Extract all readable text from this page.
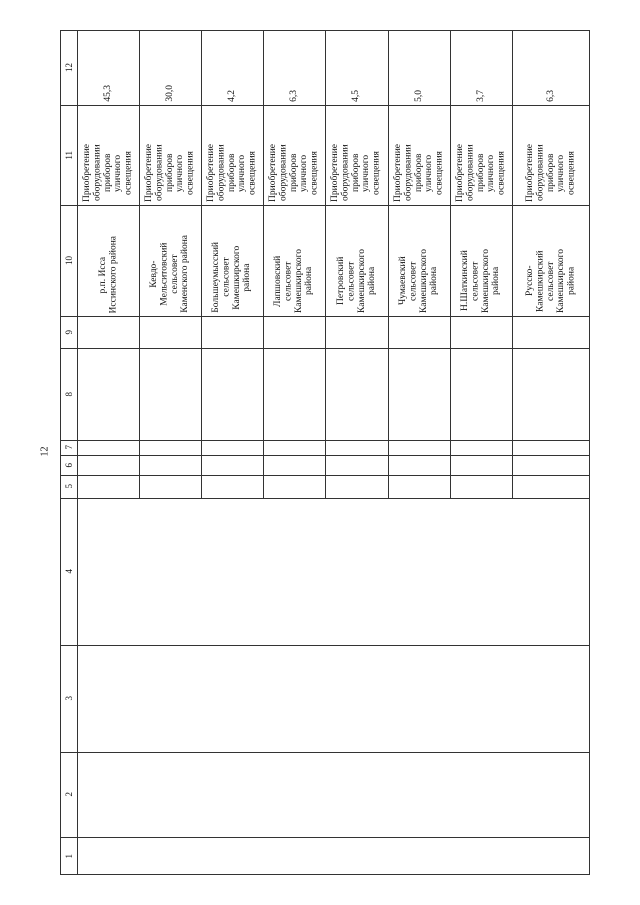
12
1
2
3
4
5
6
7
8
9
10
11
12
р.п. Исса
Иссинского района
Приобретение
оборудовании
приборов
уличного
освещения
45,3
Кевдо-
Мельситовский
сельсовет
Каменского района
Приобретение
оборудовании
приборов
уличного
освещения
30,0
Большеумысский
сельсовет
Камешкирского
района
Приобретение
оборудовании
приборов
уличного
освещения
4,2
Лапшовский
сельсовет
Камешкирского
района
Приобретение
оборудовании
приборов
уличного
освещения
6,3
Петровский
сельсовет
Камешкирского
района
Приобретение
оборудовании
приборов
уличного
освещения
4,5
Чумаевский
сельсовет
Камешкирского
района
Приобретение
оборудовании
приборов
уличного
освещения
5,0
Н.Шаткинский
сельсовет
Камешкирского
района
Приобретение
оборудовании
приборов
уличного
освещения
3,7
Русско-
Камешкирский
сельсовет
Камешкирского
района
Приобретение
оборудовании
приборов
уличного
освещения
6,3
